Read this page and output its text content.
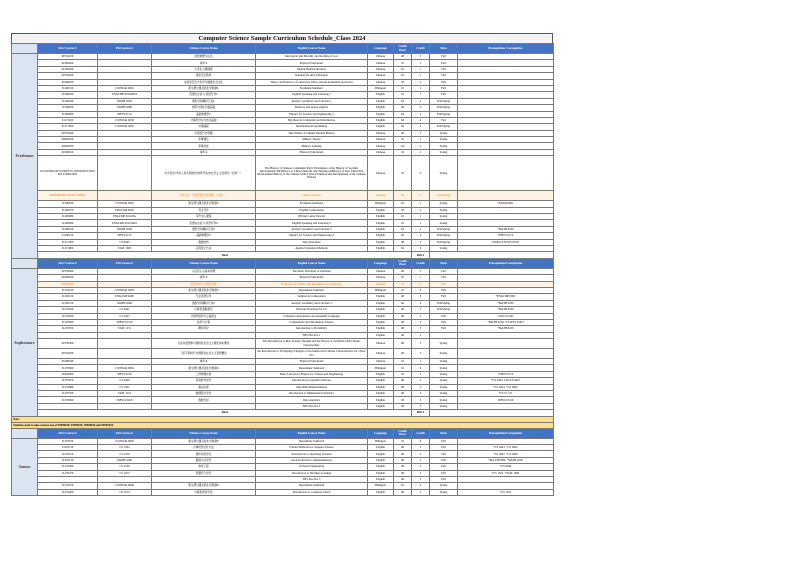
Computer Science Sample Curriculum Schedule_Class 2024
	SGU Course #	Pitt Course #	Chinese Course Name	English Course Name	Language	Credit Hour	Credit	Term	Prerequisites /Corequisites
Freshman	90742100		思想道德与法治	Ideological and Morality and the Rule of Law	Chinese	48	3	Fall	
	91900020		体育-1	Physical Education1	Chinese	32	1	Fall	
	91200020		大学生心理健康	Mental Health Education	Chinese	16	1	Fall	
	90750200		国家安全教育	National Security Education	Chinese	16	1	Fall	
	91900020		实验室安全与化学与健康生态文化	Theory and Practice of Laboratory safety and environmental protection	Chinese	32	2	Fall	
	31200010	CS/ENGR 0001	新生研讨课及新生导航课1	Freshman Seminar1	Bilingual	16	1	Fall	
	31200020	ENGCMP 0010/0610	英语综合能力-英语写作1	English Speaking and Listening 1	English	16	1	Fall	
	31200040	MATH 0220	微积分和解析几何1	Analytic Geometry and Calculus 1	English	64	4	Fall/Spring	
	31200050	MATH 0280	矩阵与线性代数基础	Matrices and Linear Algebra	English	48	3	Fall/Spring	
	31200060	PHYS 0174	基础物理学1	Physics for Science and Engineering 1	English	64	4	Fall/Spring	
	31271100	CS/ENGR 0030	计算机导论与技术基础	Big Ideas in Computing and Information	English	64	4	Fall	
	31271200	CS/ENGR 0401	中级编程	Intermediate Programming	English	64	4	Fall/Spring	
	90750400		中国近代史纲要	The Outline of Chinese Modern History	Chinese	48	3	Spring	
	90000020		军事理论	Military Theory	Chinese	32	2	Spring	
	90000020		军事技能	Military Training	Chinese	112	2	Spring	
	91900010		体育-2	Physical Education2	Chinese	32	1	Spring	
	1074110093 0074 09020 05/ 2620010070 5001 202 0749010403		中共党史/中华人民共和国史/改革开放史/社会主义发展史（四选一）	The History of Chinese Communist Party/Vicissitudes of the History of Socialist Development/The History of China's Reform and Opening-up/History of New China/The Development History of the Chinese Nation (The Formation and Development of the Chinese Nation)	Chinese	32	2	Spring	
	99900000 009 020 09/ 269020		中华文化（英语授课/英语授课）（四选一）	Chinese Culture	Chinese	32	2	Fall/Spring	
	31200030	CS/ENGR 0002	新生研讨课及新生导航课2	Freshman Seminar2	Bilingual	16	1	Spring	*ENGR 0001
	31200070	ENGCMP 0002	英文写作	English Composition	English	32	2	Spring	
	31200080	ENGCMP 0012/0A	写作中心课程	Writing Center Tutorial	English	16	1	Spring	
	31200090	ENGCMP 0011/0610	英语综合能力-英语写作2	English Speaking and Listening 2	English	16	1	Spring	
	31200100	MATH 0230	微积分和解析几何2	Analytic Geometry and Calculus 2	English	64	4	Fall/Spring	*MATH 0220
	31200110	PHYS 0175	基础物理学2	Physics for Science and Engineering 2	English	64	4	Fall/Spring	*PHYS 0174
	31271300	CS 0445	数据结构	Data Structures	English	48	3	Fall/Spring	CS0401/CS/PYS 0101I
	31271900	STAT 1000	应用统计方法	Applied Statistical Methods	English	64	4	Spring	
	Total						69/0.2		
	SGU Course #	Pitt Course #	Chinese Course Name	English Course Name	Language	Credit Hour	Credit	Term	Prerequisites/Corequisites
Sophomore	90750400		马克思主义基本原理	The Basic Principles of Marxism	Chinese	48	3	Fall	
	91900030		体育-3	Physical Education3	Chinese	32	1	Fall	
	99900020		科学技术与文明的进展	Progresses of Science and Revolution of Technology	Chinese	32	2	Fall	
	31270010	CS/ENGR 0003	新生研讨课及新生导航课3	Department Seminar1	Bilingual	16	0	Fall	
	31200120	ENGCMP 0200	专业英语写作	Seminar in Composition	English	48	3	Fall	*ENGCMP 0002
	31200130	MATH 0240	微积分和解析几何3	Analytic Geometry and Calculus 3	English	64	4	Fall/Spring	*MATH 0230
	31270030	CS 0441	计算机离散数学	Discrete Structures for CS	English	48	3	Fall/Spring	*MATH 0220
	31270020	CS 0447	计算机组织与汇编语言	Computer Organization and Assembly Language	English	48	3	Fall	CS0/CS 0445
	31270040	INFSCI 0310	信息与计算	Computation and Information Science	English	48	3	Fall	*MATH 0220, *CS/PYS 0101I
	31270050	STAT 1151	概率导论	Introduction to Probability	English	48	3	Fall	*MATH 0230
				HSS Elective 1	English	48	3		
	90750300		毛泽东思想和中国特色社会主义理论体系概论	The Introduction to Mao Zedong Thought and the Theory of Socialism with Chinese Characteristic	Chinese	48	3	Spring	
	90744700		习近平新时代中国特色社会主义思想概论	An Introduction to Xi Jinping's Thought on Socialism with Chinese Characteristics for a New Era	Chinese	48	3	Spring	
	91900040		体育-4	Physical Education4	Chinese	32	1	Spring	
	31270060	CS/ENGR 0004	新生研讨课及新生导航课4	Department Seminar2	Bilingual	16	0	Spring	
	28120000	PHYS 0219	工科物理实验	Basic Laboratory Physics for Science and Engineering	English	32	2	Spring	*PHYS 0174
	31270070	CS 0449	系统软件导论	Introduction to Systems Software	English	48	3	Spring	*CS 0445, CS0/CS 0447
	31270080	CS 1501	算法实现	Algorithm Implementation	English	48	3	Spring	*CS 0441, *CS 0445
	31270700	STAT 1152	数理统计导论	Introduction to Mathematical Statistics	English	48	3	Spring	*CS T1 151
	31270090	INFSCI 0100	数据分析	Data Analytics	English	48	3	Spring	INFSCI 0310
				HSS Elective 2	English	48	3	Spring	
	Total						60/0.2		
Note:									
Students need to take at least one of 99900020, 99900020, 99900020 and 99901020.									
	SGU Course #	Pitt Course #	Chinese Course Name	English Course Name	Language	Credit Hour	Credit	Term	Prerequisites/Corequisites
Junior	31270100	CS/ENGR 0005	新生研讨课及新生导航课5	Department Seminar3	Bilingual	16	0	Fall	
	31270110	CS 1502	计算机形式化方法	Formal Methods in Computer Science	English	48	3	Fall	*CS 0441, *CS 0445
	31270120	CS 1550	操作系统导论	Introduction to Operating Systems	English	48	3	Fall	*CS 0447, *CS 0449
	31270130	MATH 1080	数值方法导论	An Introduction to Implementation	English	48	3	Fall	*MA TH 0280, *MATH 0230
	31270200	CS 1530	软件工程	Software Engineering	English	48	3	Fall	*CS 0449
	31270270	CS 1675	机器学习导论	Introduction to Machine Learning	English	48	3	Fall	*CS 1501, *STAT 1000
				HSS Elective 3	English	48	3	Fall	
	31270100	CS/ENGR 0006	新生研讨课及新生导航课6	Department Seminar4	Bilingual	16	0	Spring	
	31270400	CS 1674	计算机视觉导论	Introduction to Computer Vision	English	48	3	Spring	*CS 1501
